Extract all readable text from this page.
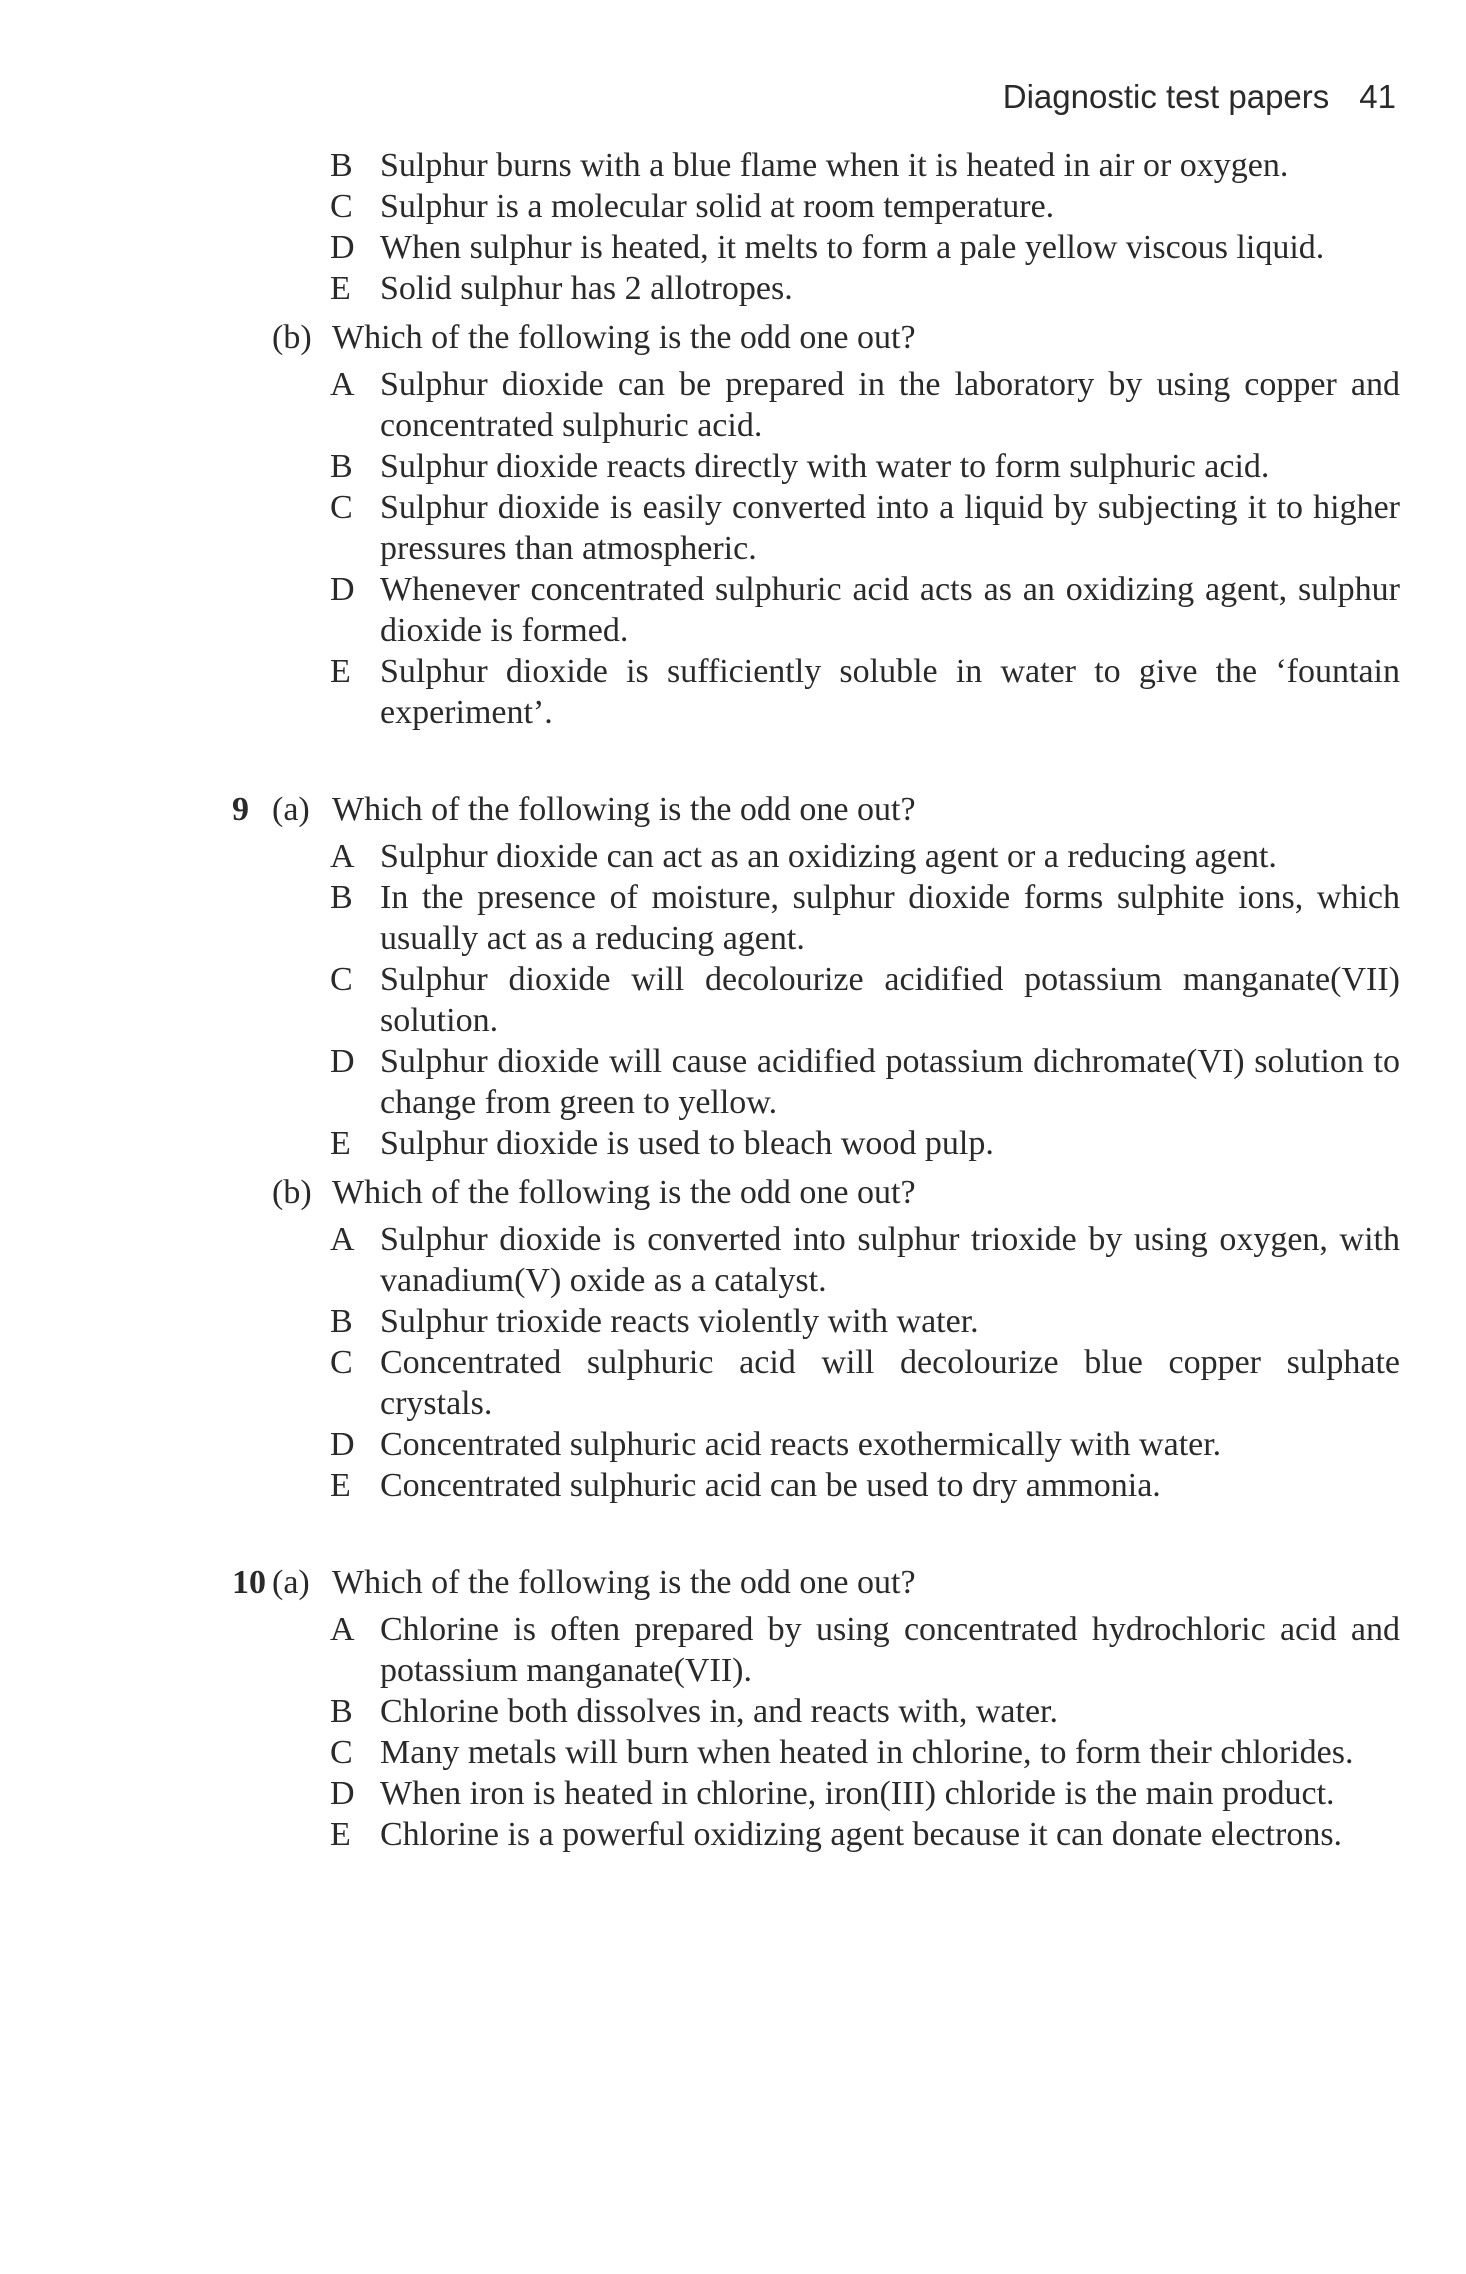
Diagnostic test papers 41
B Sulphur burns with a blue flame when it is heated in air or oxygen.
C Sulphur is a molecular solid at room temperature.
D When sulphur is heated, it melts to form a pale yellow viscous liquid.
E Solid sulphur has 2 allotropes.
(b) Which of the following is the odd one out?
A Sulphur dioxide can be prepared in the laboratory by using copper and concentrated sulphuric acid.
B Sulphur dioxide reacts directly with water to form sulphuric acid.
C Sulphur dioxide is easily converted into a liquid by subjecting it to higher pressures than atmospheric.
D Whenever concentrated sulphuric acid acts as an oxidizing agent, sulphur dioxide is formed.
E Sulphur dioxide is sufficiently soluble in water to give the ‘fountain experiment’.
9 (a) Which of the following is the odd one out?
A Sulphur dioxide can act as an oxidizing agent or a reducing agent.
B In the presence of moisture, sulphur dioxide forms sulphite ions, which usually act as a reducing agent.
C Sulphur dioxide will decolourize acidified potassium manganate(VII) solution.
D Sulphur dioxide will cause acidified potassium dichromate(VI) solution to change from green to yellow.
E Sulphur dioxide is used to bleach wood pulp.
(b) Which of the following is the odd one out?
A Sulphur dioxide is converted into sulphur trioxide by using oxygen, with vanadium(V) oxide as a catalyst.
B Sulphur trioxide reacts violently with water.
C Concentrated sulphuric acid will decolourize blue copper sulphate crystals.
D Concentrated sulphuric acid reacts exothermically with water.
E Concentrated sulphuric acid can be used to dry ammonia.
10 (a) Which of the following is the odd one out?
A Chlorine is often prepared by using concentrated hydrochloric acid and potassium manganate(VII).
B Chlorine both dissolves in, and reacts with, water.
C Many metals will burn when heated in chlorine, to form their chlorides.
D When iron is heated in chlorine, iron(III) chloride is the main product.
E Chlorine is a powerful oxidizing agent because it can donate electrons.
